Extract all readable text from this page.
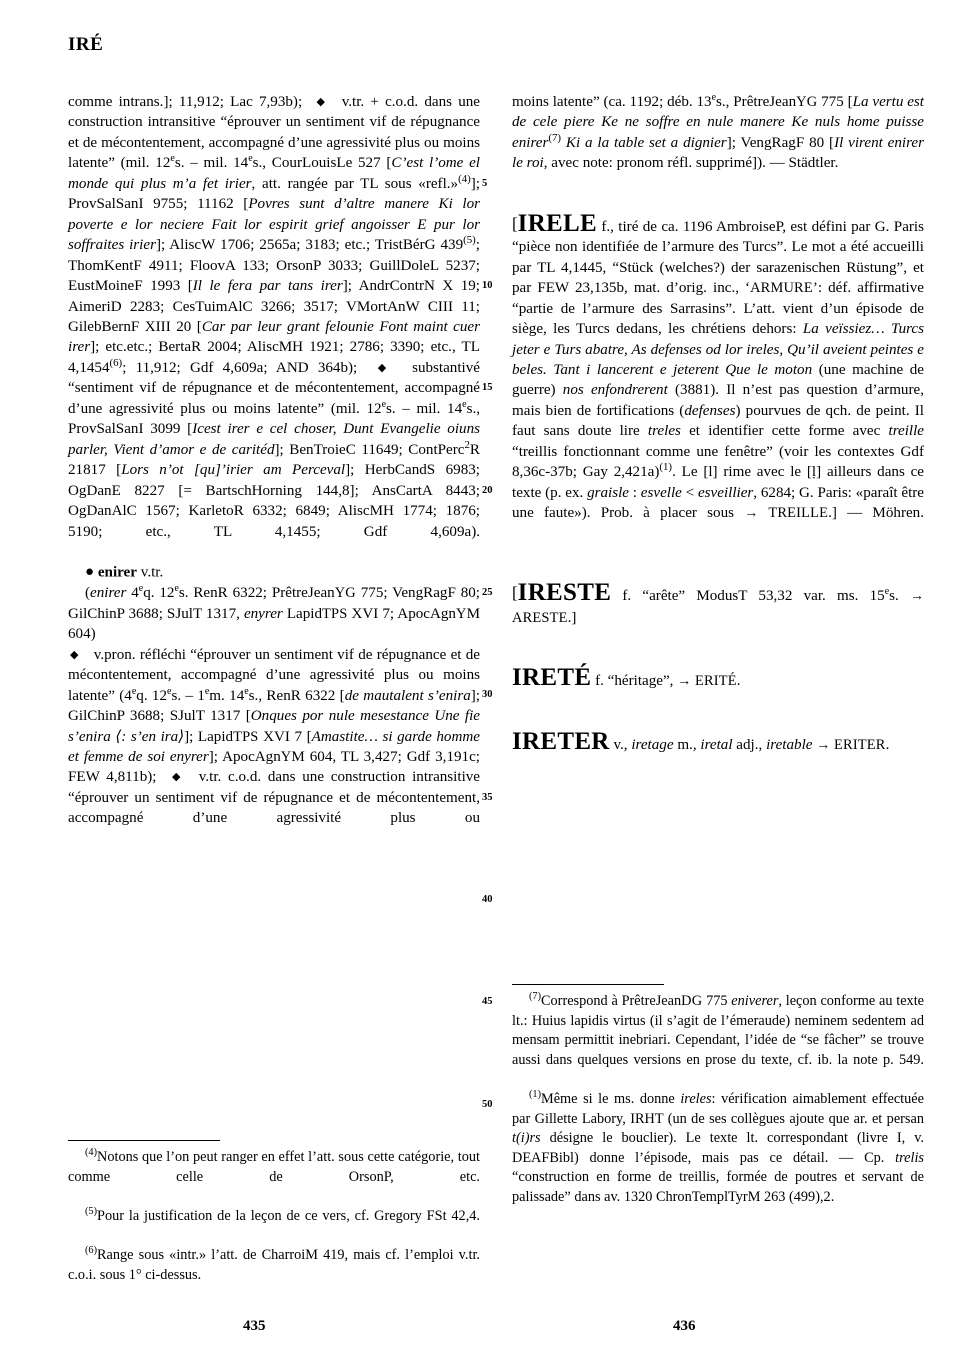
IRÉ

comme intrans.]; 11,912; Lac 7,93b);  ◆  v.tr. + c.o.d. dans une construction intransitive “éprouver un sentiment vif de répugnance et de mécontentement, accompagné d’une agressivité plus ou moins latente” (mil. 12es. – mil. 14es., CourLouisLe 527 [C’est l’ome el monde qui plus m’a fet irier, att. rangée par TL sous «refl.»$^{(4)}$]; ProvSalSanI 9755; 11162 [Povres sunt d’altre manere Ki lor poverte e lor neciere Fait lor espirit grief angoisser E pur lor soffraites irier]; AliscW 1706; 2565a; 3183; etc.; TristBérG 439$^{(5)}$; ThomKentF 4911; FloovA 133; OrsonP 3033; GuillDoleL 5237; EustMoineF 1993 [Il le fera par tans irer]; AndrContrN X 19; AimeriD 2283; CesTuimAlC 3266; 3517; VMortAnW CIII 11; GilebBernF XIII 20 [Car par leur grant felounie Font maint cuer irer]; etc.etc.; BertaR 2004; AliscMH 1921; 2786; 3390; etc., TL 4,1454$^{(6)}$; 11,912; Gdf 4,609a; AND 364b);  ◆  substantivé “sentiment vif de répugnance et de mécontentement, accompagné d’une agressivité plus ou moins latente” (mil. 12es. – mil. 14es., ProvSalSanI 3099 [Icest irer e cel choser, Dunt Evangelie oiuns parler, Vient d’amor e de caritéd]; BenTroieC 11649; ContPerc$^2$R 21817 [Lors n’ot [qu]’irier am Perceval]; HerbCandS 6983; OgDanE 8227 [= BartschHorning 144,8]; AnsCartA 8443; OgDanAlC 1567; KarletoR 6332; 6849; AliscMH 1774; 1876; 5190; etc., TL 4,1455; Gdf 4,609a).

● enirer v.tr.

(enirer 4eq. 12es. RenR 6322; PrêtreJeanYG 775; VengRagF 80; GilChinP 3688; SJulT 1317, enyrer LapidTPS XVI 7; ApocAgnYM 604)

◆   v.pron. réfléchi “éprouver un sentiment vif de répugnance et de mécontentement, accompagné d’une agressivité plus ou moins latente” (4eq. 12es. – 1em. 14es., RenR 6322 [de mautalent s’enira]; GilChinP 3688; SJulT 1317 [Onques por nule mesestance Une fie s’enira ⟨: s’en ira⟩]; LapidTPS XVI 7 [Amastite… si garde homme et femme de soi enyrer]; ApocAgnYM 604, TL 3,427; Gdf 3,191c; FEW 4,811b);  ◆  v.tr. c.o.d. dans une construction intransitive “éprouver un sentiment vif de répugnance et de mécontentement, accompagné d’une agressivité plus ou

$^{(4)}$Notons que l’on peut ranger en effet l’att. sous cette catégorie, tout comme celle de OrsonP, etc.

$^{(5)}$Pour la justification de la leçon de ce vers, cf. Gregory FSt 42,4.

$^{(6)}$Range sous «intr.» l’att. de CharroiM 419, mais cf. l’emploi v.tr. c.o.i. sous 1° ci-dessus.

moins latente” (ca. 1192; déb. 13es., PrêtreJeanYG 775 [La vertu est de cele piere Ke ne soffre en nule manere Ke nuls home puisse enirer$^{(7)}$ Ki a la table set a dignier]; VengRagF 80 [Il virent enirer le roi, avec note: pronom réfl. supprimé]). — Städtler.

[IRELE f., tiré de ca. 1196 AmbroiseP, est défini par G. Paris “pièce non identifiée de l’armure des Turcs”. Le mot a été accueilli par TL 4,1445, “Stück (welches?) der sarazenischen Rüstung”, et par FEW 23,135b, mat. d’orig. inc., ‘ARMURE’: déf. affirmative “partie de l’armure des Sarrasins”. L’att. vient d’un épisode de siège, les Turcs dedans, les chrétiens dehors: La veïssiez… Turcs jeter e Turs abatre, As defenses od lor ireles, Qu’il aveient peintes e beles. Tant i lancerent e jeterent Que le moton (une machine de guerre) nos enfondrerent (3881). Il n’est pas question d’armure, mais bien de fortifications (defenses) pourvues de qch. de peint. Il faut sans doute lire treles et identifier cette forme avec treille “treillis fonctionnant comme une fenêtre” (voir les contextes Gdf 8,36c-37b; Gay 2,421a)$^{(1)}$. Le [l] rime avec le [ḷ] ailleurs dans ce texte (p. ex. graisle : esvelle < esveillier, 6284; G. Paris: «paraît être une faute»). Prob. à placer sous → TREILLE.] — Möhren.

[IRESTE f. “arête” ModusT 53,32 var. ms. $15^es$. → ARESTE.]

IRETÉ f. “héritage”, → ERITÉ.

IRETER v., iretage m., iretal adj., iretable → ERITER.

$^{(7)}$Correspond à PrêtreJeanDG 775 eniverer, leçon conforme au texte lt.: Huius lapidis virtus (il s’agit de l’émeraude) neminem sedentem ad mensam permittit inebriari. Cependant, l’idée de “se fâcher” se trouve aussi dans quelques versions en prose du texte, cf. ib. la note p. 549.

$^{(1)}$Même si le ms. donne ireles: vérification aimablement effectuée par Gillette Labory, IRHT (un de ses collègues ajoute que ar. et persan t(i)rs désigne le bouclier). Le texte lt. correspondant (livre I, v. DEAFBibl) donne l’épisode, mais pas ce détail. — Cp. trelis “construction en forme de treillis, formée de poutres et servant de palissade” dans av. 1320 ChronTemplTyrM 263 (499),2.

5
10
15
20
25
30
35
40
45
50
435	436
